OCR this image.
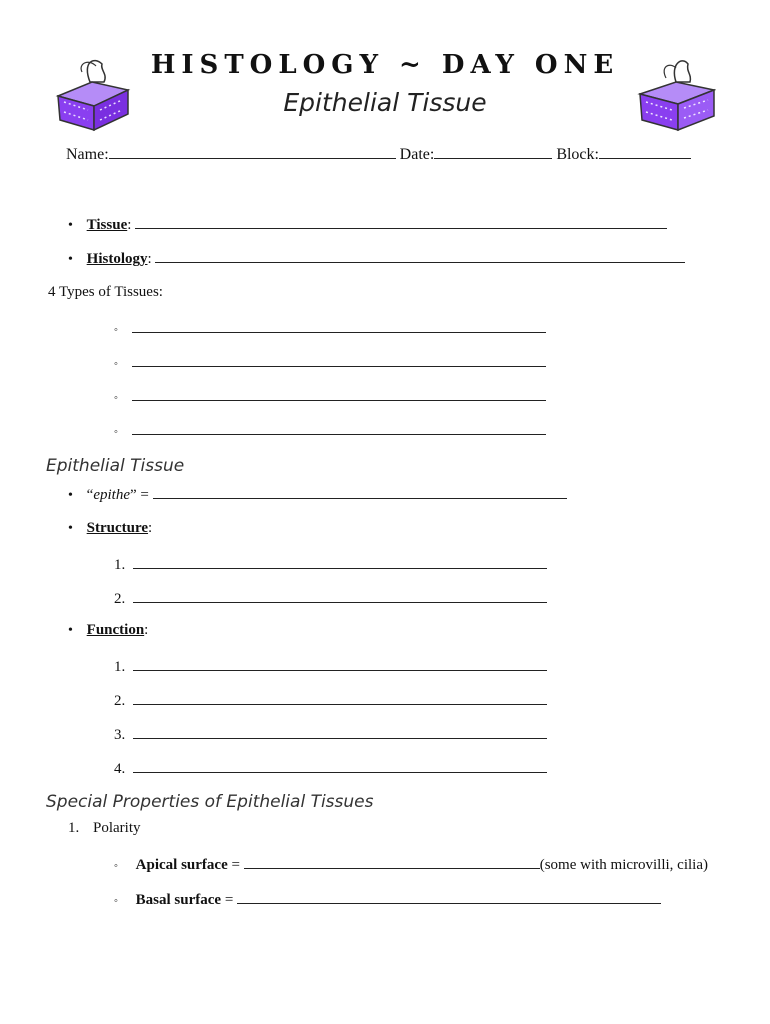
HISTOLOGY ~ DAY ONE
Epithelial Tissue
Name:	Date:	Block:
• Tissue:
• Histology:
4 Types of Tissues:
◦
◦
◦
◦
Epithelial Tissue
• “epithe” =
• Structure:
1.
2.
• Function:
1.
2.
3.
4.
Special Properties of Epithelial Tissues
1. Polarity
◦ Apical surface =	(some with microvilli, cilia)
◦ Basal surface =
